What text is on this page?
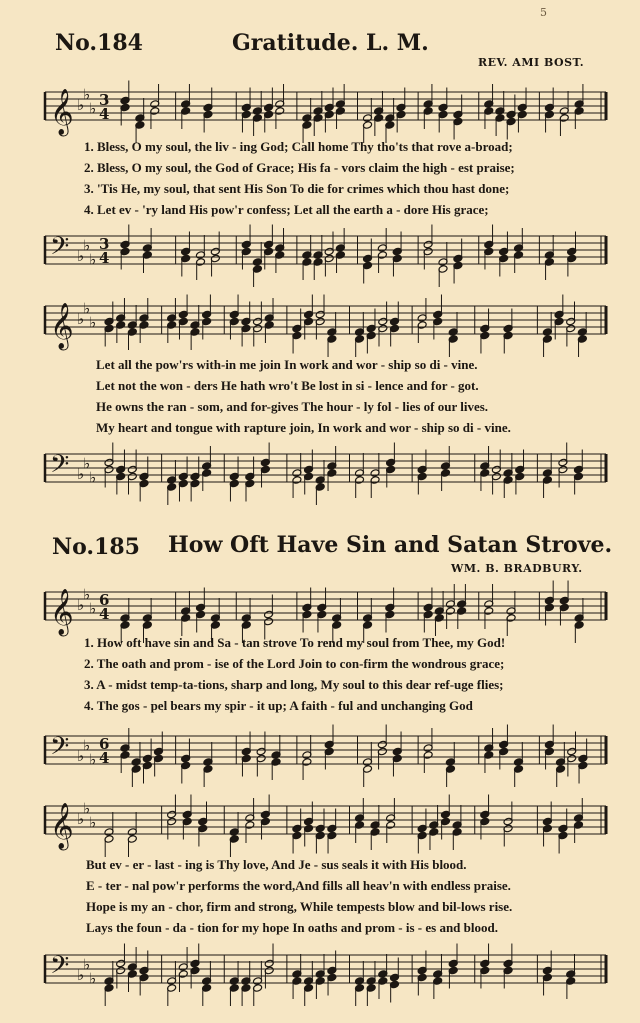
5
No.184	Gratitude. L. M.
REV. AMI BOST.
𝄞 ♭
♭
♭ 3
4
1. Bless, O my soul, the liv - ing God; Call home Thy tho'ts that rove a-broad;
2. Bless, O my soul, the God of Grace; His fa - vors claim the high - est praise;
3. 'Tis He, my soul, that sent His Son To die for crimes which thou hast done;
4. Let ev - 'ry land His pow'r confess; Let all the earth a - dore His grace;
𝄢 ♭
♭
♭
3
4
𝄞 ♭
♭
♭
Let all the pow'rs with-in me join In work and wor - ship so di - vine.
Let not the won - ders He hath wro't Be lost in si - lence and for - got.
He owns the ran - som, and for-gives The hour - ly fol - lies of our lives.
My heart and tongue with rapture join, In work and wor - ship so di - vine.
𝄢 ♭
♭
♭
No.185 How Oft Have Sin and Satan Strove.
WM. B. BRADBURY.
𝄞 ♭
♭
♭ 6
4
1. How oft have sin and Sa - tan strove To rend my soul from Thee, my God!
2. The oath and prom - ise of the Lord Join to con-firm the wondrous grace;
3. A - midst temp-ta-tions, sharp and long, My soul to this dear ref-uge flies;
4. The gos - pel bears my spir - it up; A faith - ful and unchanging God
𝄢 ♭
♭
♭
6
4
𝄞 ♭
♭
♭
But ev - er - last - ing is Thy love, And Je - sus seals it with His blood.
E - ter - nal pow'r performs the word,And fills all heav'n with endless praise.
Hope is my an - chor, firm and strong, While tempests blow and bil-lows rise.
Lays the foun - da - tion for my hope In oaths and prom - is - es and blood.
𝄢 ♭
♭
♭
